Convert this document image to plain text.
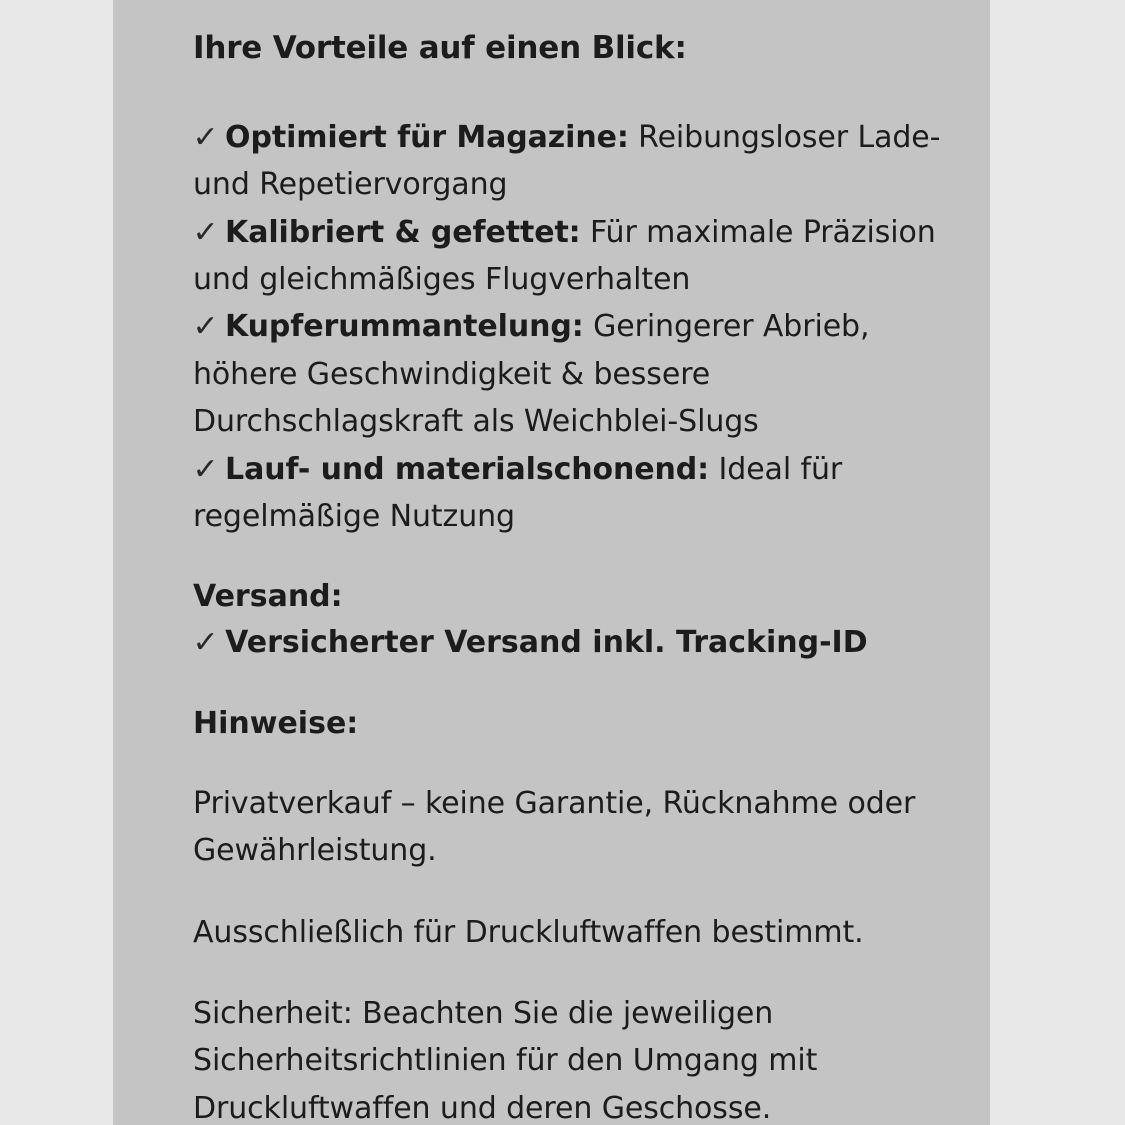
Ihre Vorteile auf einen Blick:
✓ Optimiert für Magazine: Reibungsloser Lade- und Repetiervorgang
✓ Kalibriert & gefettet: Für maximale Präzision und gleichmäßiges Flugverhalten
✓ Kupferummantelung: Geringerer Abrieb, höhere Geschwindigkeit & bessere Durchschlagskraft als Weichblei-Slugs
✓ Lauf- und materialschonend: Ideal für regelmäßige Nutzung

Versand:

✓ Versicherter Versand inkl. Tracking-ID

Hinweise:

Privatverkauf – keine Garantie, Rücknahme oder Gewährleistung.

Ausschließlich für Druckluftwaffen bestimmt.

Sicherheit: Beachten Sie die jeweiligen Sicherheitsrichtlinien für den Umgang mit Druckluftwaffen und deren Geschosse.
